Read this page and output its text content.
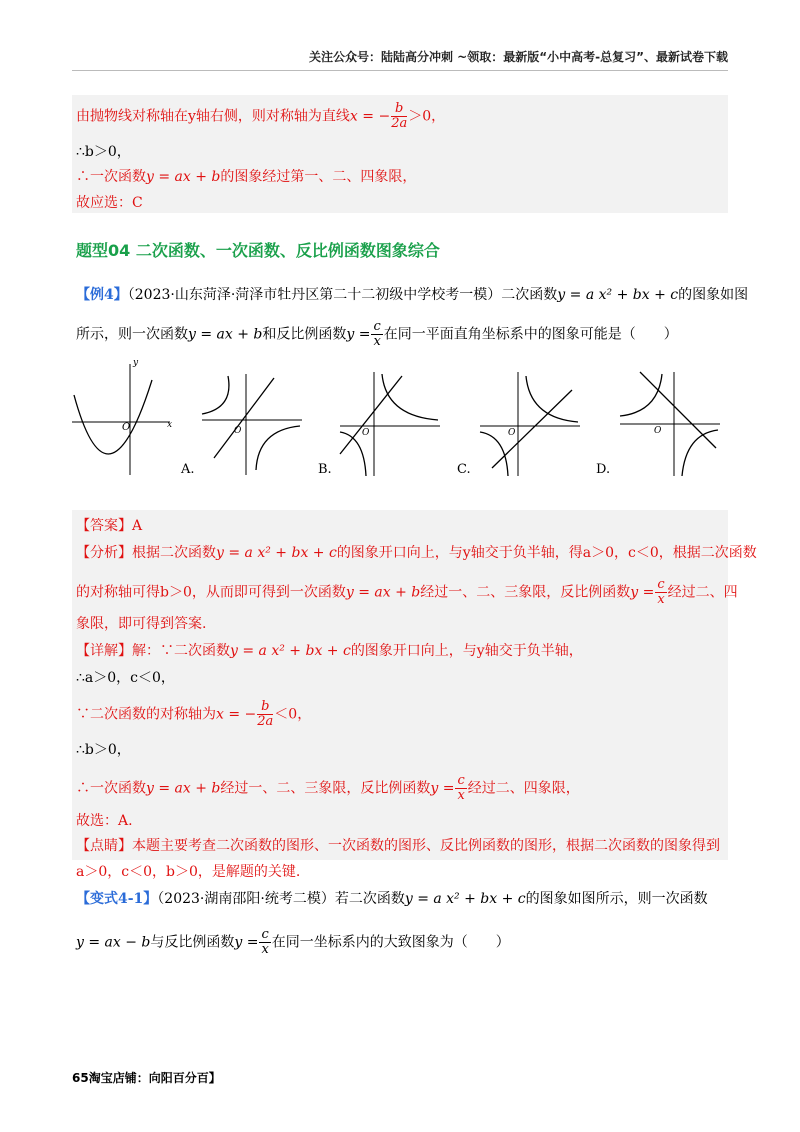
关注公众号：陆陆高分冲刺 ~领取：最新版“小中高考-总复习”、最新试卷下载
由抛物线对称轴在y轴右侧，则对称轴为直线x = − $\frac{b}{2a} >0$，
∴b＞0，
∴一次函数y = ax + b的图象经过第一、二、四象限，
故应选：C
题型04 二次函数、一次函数、反比例函数图象综合
【例4】（2023·山东菏泽·菏泽市牡丹区第二十二初级中学校考一模）二次函数y = a x² + bx + c的图象如图
所示，则一次函数y = ax + b和反比例函数$y = \frac{c}{x}$ 在同一平面直角坐标系中的图象可能是（　　）
O	x
y
O
A.
O
B.
O
C.
O
D.
【答案】A
【分析】根据二次函数y = a x² + bx + c的图象开口向上，与y轴交于负半轴，得a＞0，c＜0，根据二次函数
的对称轴可得b＞0，从而即可得到一次函数y = ax + b经过一、二、三象限，反比例函数$y = \frac{c}{x}$ 经过二、四
象限，即可得到答案.
【详解】解：∵二次函数y = a x² + bx + c的图象开口向上，与y轴交于负半轴，
∴a＞0，c＜0，
∵二次函数的对称轴为x = − $\frac{b}{2a} <0$，
∴b＞0，
∴一次函数y = ax + b经过一、二、三象限，反比例函数$y = \frac{c}{x}$ 经过二、四象限，
故选：A.
【点睛】本题主要考查二次函数的图形、一次函数的图形、反比例函数的图形，根据二次函数的图象得到
a＞0，c＜0，b＞0，是解题的关键.
【变式4-1】（2023·湖南邵阳·统考二模）若二次函数y = a x² + bx + c的图象如图所示，则一次函数
y = ax − b与反比例函数$y = \frac{c}{x}$ 在同一坐标系内的大致图象为（　　）
65淘宝店铺：向阳百分百】
